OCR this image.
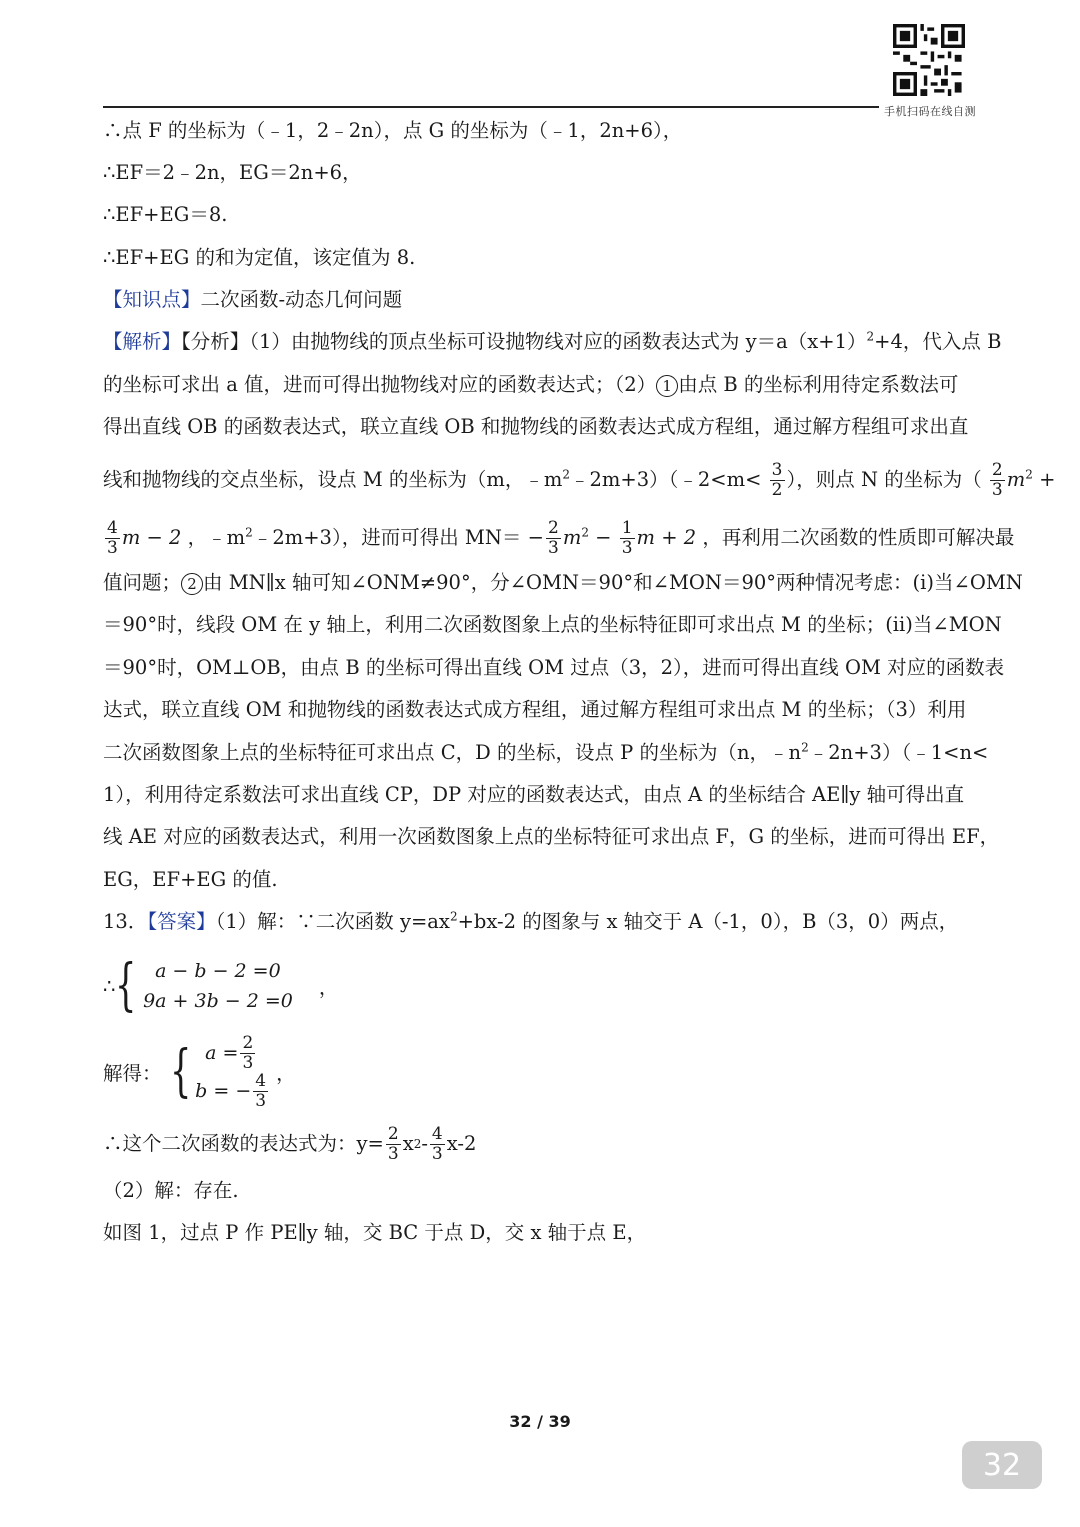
手机扫码在线自测
∴点 F 的坐标为（﹣1，2﹣2n），点 G 的坐标为（﹣1，2n+6），
∴EF＝2﹣2n，EG＝2n+6，
∴EF+EG＝8.
∴EF+EG 的和为定值，该定值为 8.
【知识点】二次函数-动态几何问题
【解析】【分析】（1）由抛物线的顶点坐标可设抛物线对应的函数表达式为 $y=a(x+1)^2+4$，代入点 B
的坐标可求出 a 值，进而可得出抛物线对应的函数表达式；（2） 1 由点 B 的坐标利用待定系数法可
得出直线 OB 的函数表达式，联立直线 OB 和抛物线的函数表达式成方程组，通过解方程组可求出直
线和抛物线的交点坐标，设点 M 的坐标为（m，$﹣m^2﹣2m+3)(﹣2<m< \frac{3}{2}$ ），则点 N 的坐标为（ $\frac{2}{3} m^2$ +
$\frac{4}{3}$ m − 2 ，$﹣m^2﹣2m+3$），进而可得出 $MN= - \frac{2}{3} m^2 - \frac{1}{3}$ m + 2 ，再利用二次函数的性质即可解决最
值问题； 2 由 MN∥x 轴可知∠ONM≠90°，分∠OMN＝90°和∠MON＝90°两种情况考虑：(i)当∠OMN
＝90°时，线段 OM 在 y 轴上，利用二次函数图象上点的坐标特征即可求出点 M 的坐标；(ii)当∠MON
＝90°时，OM⊥OB，由点 B 的坐标可得出直线 OM 过点（3，2），进而可得出直线 OM 对应的函数表
达式，联立直线 OM 和抛物线的函数表达式成方程组，通过解方程组可求出点 M 的坐标；（3）利用
二次函数图象上点的坐标特征可求出点 C，D 的坐标，设点 P 的坐标为（n，$﹣n^2﹣2n+3)(﹣1<n<$
1），利用待定系数法可求出直线 CP，DP 对应的函数表达式，由点 A 的坐标结合 AE∥y 轴可得出直
线 AE 对应的函数表达式，利用一次函数图象上点的坐标特征可求出点 F，G 的坐标，进而可得出 EF，
EG，EF+EG 的值.
13．【答案】（1）解：∵二次函数 $y=ax^2+bx-2$ 的图象与 x 轴交于 A（-1，0），B（3，0）两点，
∴ { a − b − 2 =0
9a + 3b − 2 =0
，
解得： { $a = \frac{2}{3}$
b = − $\frac{4}{3}$ ，
∴这个二次函数的表达式为：$y= \frac{2}{3}$ x $2 - \frac{4}{3} x-2$
（2）解：存在.
如图 1，过点 P 作 PE∥y 轴，交 BC 于点 D，交 x 轴于点 E，
32 / 39
32
